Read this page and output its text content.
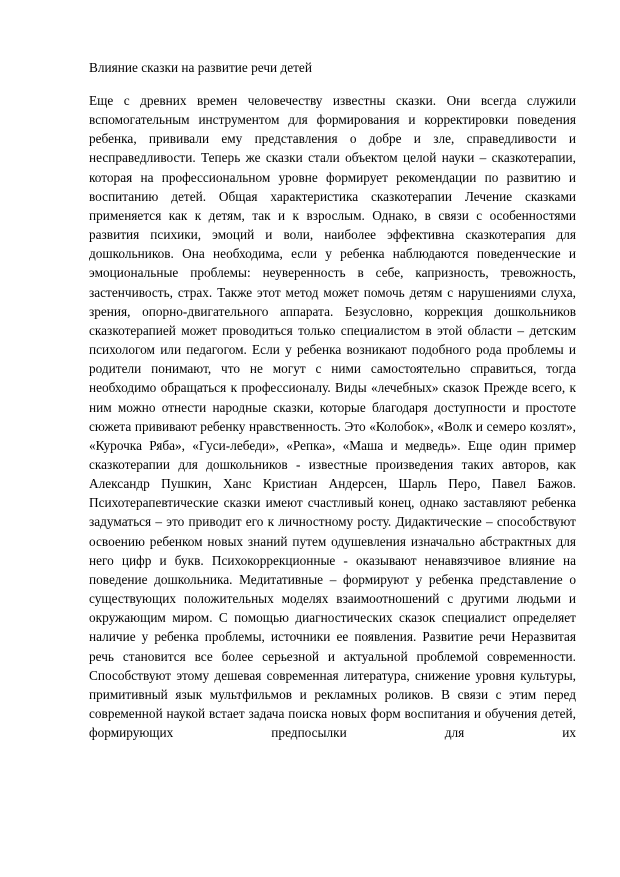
Влияние сказки на развитие речи детей

Еще с древних времен человечеству известны сказки. Они всегда служили вспомогательным инструментом для формирования и корректировки поведения ребенка, прививали ему представления о добре и зле, справедливости и несправедливости. Теперь же сказки стали объектом целой науки – сказкотерапии, которая на профессиональном уровне формирует рекомендации по развитию и воспитанию детей. Общая характеристика сказкотерапии Лечение сказками применяется как к детям, так и к взрослым. Однако, в связи с особенностями развития психики, эмоций и воли, наиболее эффективна сказкотерапия для дошкольников. Она необходима, если у ребенка наблюдаются поведенческие и эмоциональные проблемы: неуверенность в себе, капризность, тревожность, застенчивость, страх. Также этот метод может помочь детям с нарушениями слуха, зрения, опорно-двигательного аппарата. Безусловно, коррекция дошкольников сказкотерапией может проводиться только специалистом в этой области – детским психологом или педагогом. Если у ребенка возникают подобного рода проблемы и родители понимают, что не могут с ними самостоятельно справиться, тогда необходимо обращаться к профессионалу. Виды «лечебных» сказок Прежде всего, к ним можно отнести народные сказки, которые благодаря доступности и простоте сюжета прививают ребенку нравственность. Это «Колобок», «Волк и семеро козлят», «Курочка Ряба», «Гуси-лебеди», «Репка», «Маша и медведь». Еще один пример сказкотерапии для дошкольников - известные произведения таких авторов, как Александр Пушкин, Ханс Кристиан Андерсен, Шарль Перо, Павел Бажов. Психотерапевтические сказки имеют счастливый конец, однако заставляют ребенка задуматься – это приводит его к личностному росту. Дидактические – способствуют освоению ребенком новых знаний путем одушевления изначально абстрактных для него цифр и букв. Психокоррекционные - оказывают ненавязчивое влияние на поведение дошкольника. Медитативные – формируют у ребенка представление о существующих положительных моделях взаимоотношений с другими людьми и окружающим миром. С помощью диагностических сказок специалист определяет наличие у ребенка проблемы, источники ее появления. Развитие речи Неразвитая речь становится все более серьезной и актуальной проблемой современности. Способствуют этому дешевая современная литература, снижение уровня культуры, примитивный язык мультфильмов и рекламных роликов. В связи с этим перед современной наукой встает задача поиска новых форм воспитания и обучения детей, формирующих предпосылки для их
